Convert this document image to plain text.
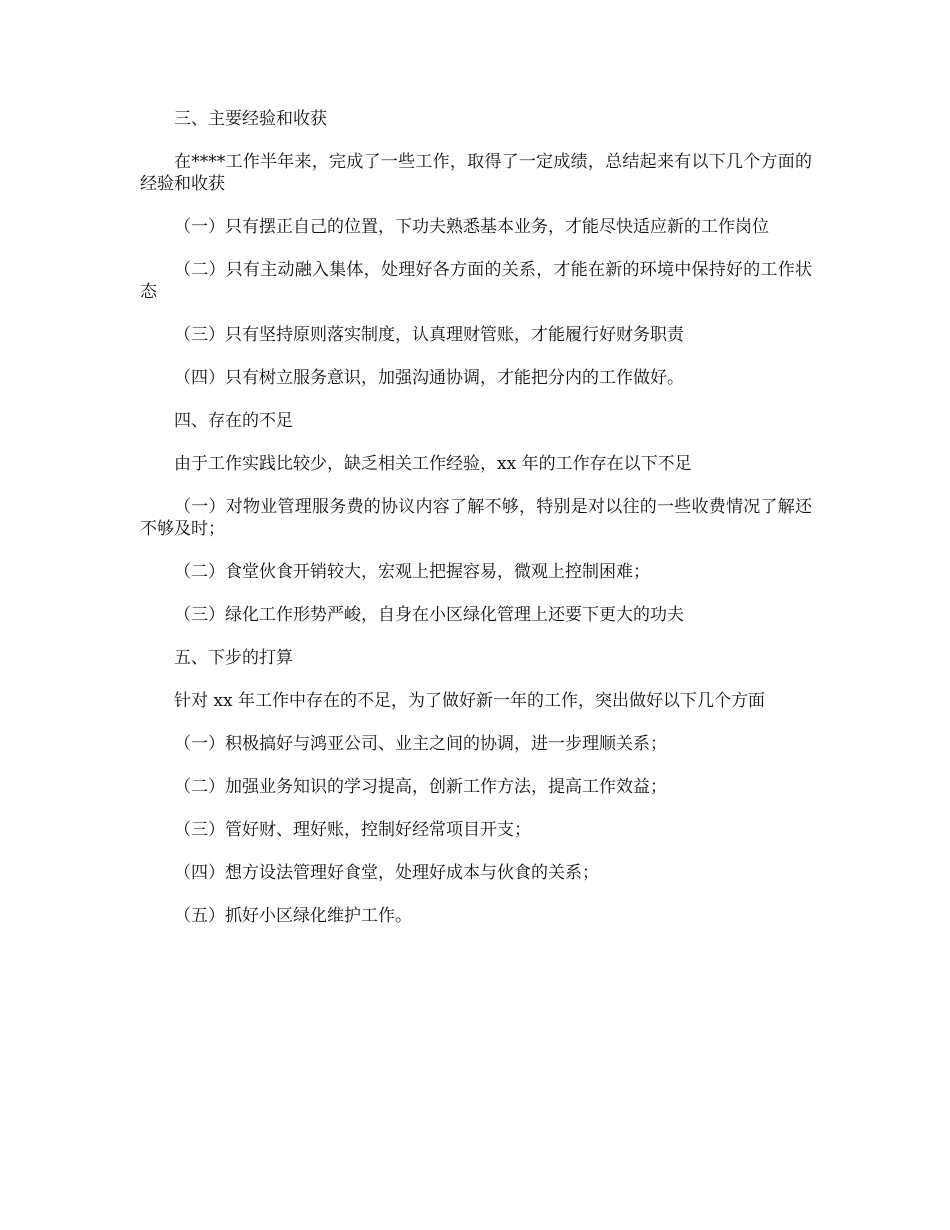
三、主要经验和收获

在****工作半年来，完成了一些工作，取得了一定成绩，总结起来有以下几个方面的经验和收获

（一）只有摆正自己的位置，下功夫熟悉基本业务，才能尽快适应新的工作岗位

（二）只有主动融入集体，处理好各方面的关系，才能在新的环境中保持好的工作状态

（三）只有坚持原则落实制度，认真理财管账，才能履行好财务职责

（四）只有树立服务意识，加强沟通协调，才能把分内的工作做好。

四、存在的不足

由于工作实践比较少，缺乏相关工作经验，xx 年的工作存在以下不足

（一）对物业管理服务费的协议内容了解不够，特别是对以往的一些收费情况了解还不够及时；

（二）食堂伙食开销较大，宏观上把握容易，微观上控制困难；

（三）绿化工作形势严峻，自身在小区绿化管理上还要下更大的功夫

五、下步的打算

针对 xx 年工作中存在的不足，为了做好新一年的工作，突出做好以下几个方面

（一）积极搞好与鸿亚公司、业主之间的协调，进一步理顺关系；

（二）加强业务知识的学习提高，创新工作方法，提高工作效益；

（三）管好财、理好账，控制好经常项目开支；

（四）想方设法管理好食堂，处理好成本与伙食的关系；

（五）抓好小区绿化维护工作。
